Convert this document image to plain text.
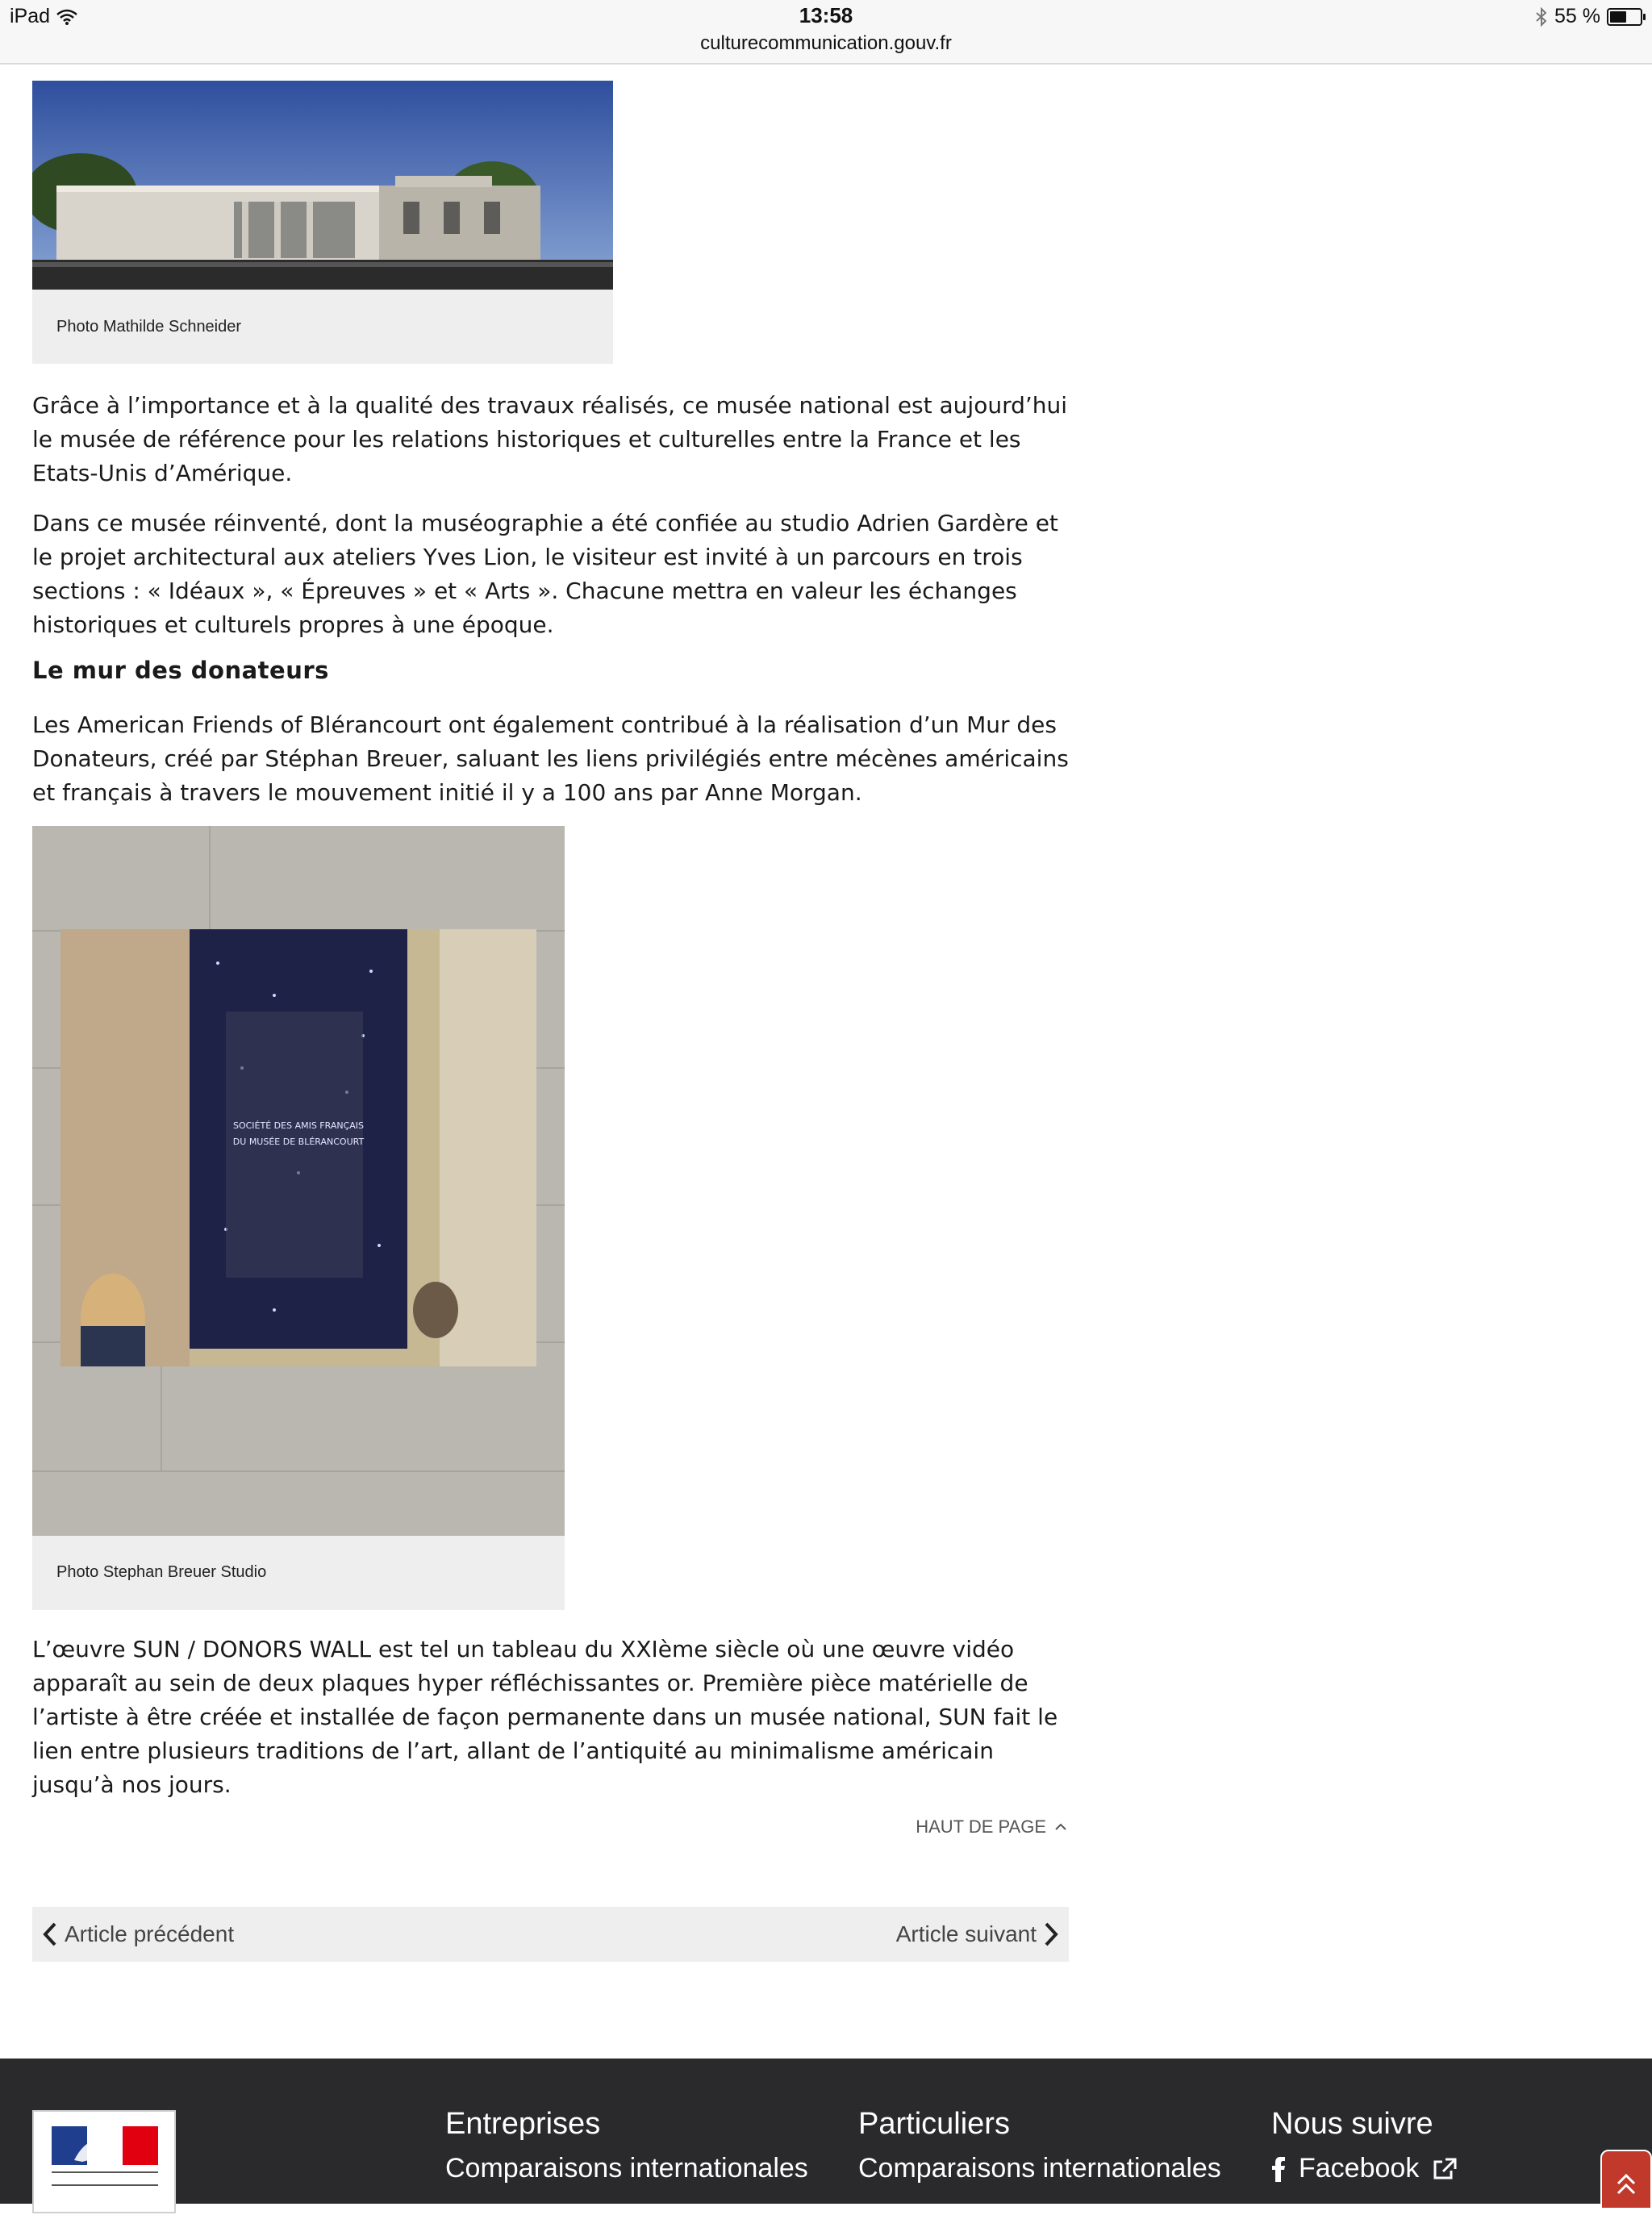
iPad	13:58
culturecommunication.gouv.fr
55 %
Photo Mathilde Schneider

Grâce à l’importance et à la qualité des travaux réalisés, ce musée national est aujourd’hui le musée de référence pour les relations historiques et culturelles entre la France et les Etats-Unis d’Amérique.

Dans ce musée réinventé, dont la muséographie a été confiée au studio Adrien Gardère et le projet architectural aux ateliers Yves Lion, le visiteur est invité à un parcours en trois sections : « Idéaux », « Épreuves » et « Arts ». Chacune mettra en valeur les échanges historiques et culturels propres à une époque.

Le mur des donateurs

Les American Friends of Blérancourt ont également contribué à la réalisation d’un Mur des Donateurs, créé par Stéphan Breuer, saluant les liens privilégiés entre mécènes américains et français à travers le mouvement initié il y a 100 ans par Anne Morgan.

SOCIÉTÉ DES AMIS FRANÇAIS
DU MUSÉE DE BLÉRANCOURT
Photo Stephan Breuer Studio

L’œuvre SUN / DONORS WALL est tel un tableau du XXIème siècle où une œuvre vidéo apparaît au sein de deux plaques hyper réfléchissantes or. Première pièce matérielle de l’artiste à être créée et installée de façon permanente dans un musée national, SUN fait le lien entre plusieurs traditions de l’art, allant de l’antiquité au minimalisme américain jusqu’à nos jours.

HAUT DE PAGE
Article précédent	Article suivant
Entreprises
Comparaisons internationales
Particuliers
Comparaisons internationales
Nous suivre
Facebook
